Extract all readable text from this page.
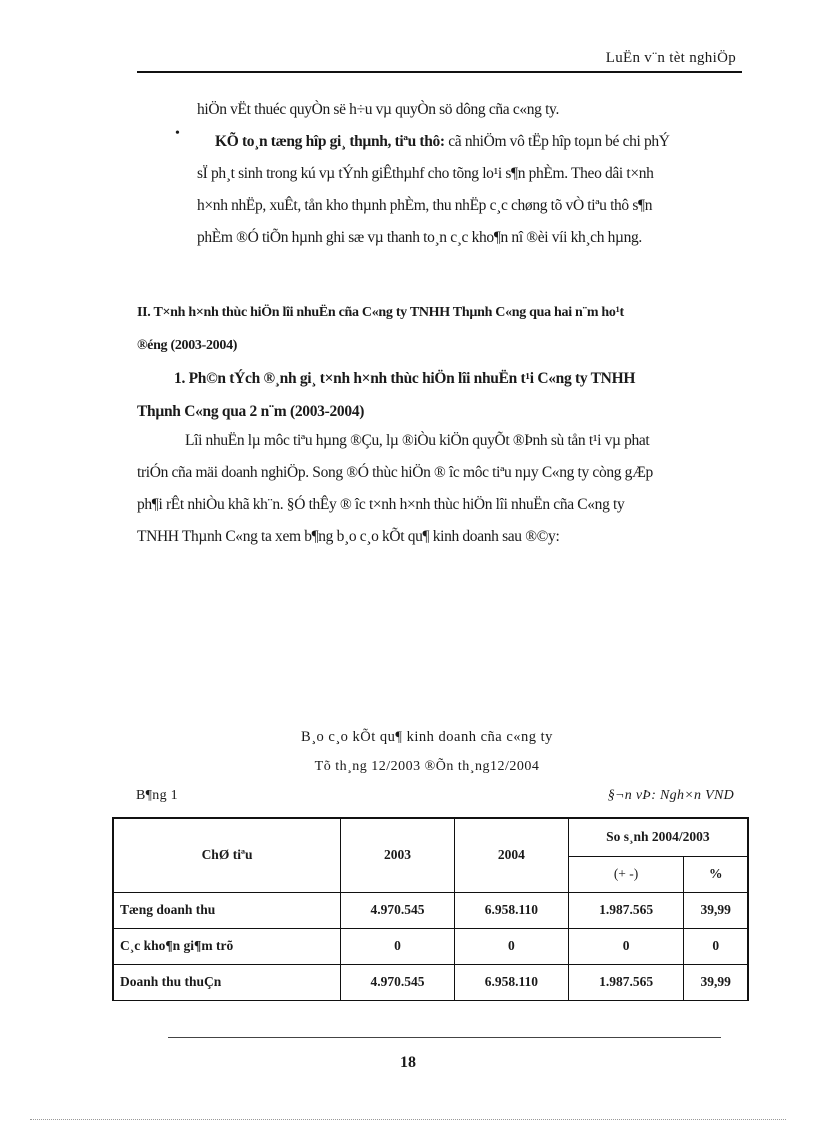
LuËn v¨n tèt nghiÖp
hiÖn vËt thuéc quyÒn së h÷u vµ quyÒn sö dông cña c«ng ty.
KÕ to¸n tæng hîp gi¸ thµnh, tiªu thô: cã nhiÖm vô tËp hîp toµn bé chi phÝ
sÏ ph¸t sinh trong kú vµ tÝnh giÊthµhf cho tõng lo¹i s¶n phÈm. Theo dâi t×nh
h×nh nhËp, xuÊt, tån kho thµnh phÈm, thu nhËp c¸c chøng tõ vÒ tiªu thô s¶n
phÈm ®Ó tiÕn hµnh ghi sæ vµ thanh to¸n c¸c kho¶n nî ®èi víi kh¸ch hµng.
•
II. T×nh h×nh thùc hiÖn lîi nhuËn cña C«ng ty TNHH Thµnh C«ng qua hai n¨m ho¹t
®éng (2003-2004)
1. Ph©n tÝch ®¸nh gi¸ t×nh h×nh thùc hiÖn lîi nhuËn t¹i C«ng ty TNHH
Thµnh C«ng qua 2 n¨m (2003-2004)
Lîi nhuËn lµ môc tiªu hµng ®Çu, lµ ®iÒu kiÖn quyÕt ®Þnh sù tån t¹i vµ phat
triÓn cña mäi doanh nghiÖp. Song ®Ó thùc hiÖn ® îc môc tiªu nµy C«ng ty còng gÆp
ph¶i rÊt nhiÒu khã kh¨n. §Ó thÊy ® îc t×nh h×nh thùc hiÖn lîi nhuËn cña C«ng ty
TNHH Thµnh C«ng ta xem b¶ng b¸o c¸o kÕt qu¶ kinh doanh sau ®©y:
B¸o c¸o kÕt qu¶ kinh doanh cña c«ng ty
Tõ th¸ng 12/2003 ®Õn th¸ng12/2004
B¶ng 1	§¬n vÞ: Ngh×n VND
ChØ tiªu	2003	2004	So s¸nh 2004/2003	
			(+ -)	%
Tæng doanh thu	4.970.545	6.958.110	1.987.565	39,99
C¸c kho¶n gi¶m trõ	0	0	0	0
Doanh thu thuÇn	4.970.545	6.958.110	1.987.565	39,99
18
